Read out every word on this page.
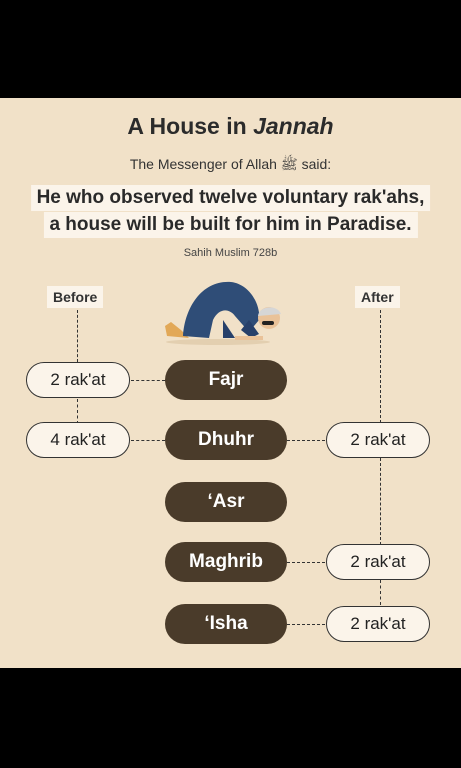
A House in Jannah
The Messenger of Allah ﷺ said:
He who observed twelve voluntary rak'ahs,
a house will be built for him in Paradise.
Sahih Muslim 728b
Before	After
Fajr
Dhuhr
‘Asr
Maghrib
‘Isha
2 rak'at
4 rak'at	2 rak'at
2 rak'at
2 rak'at
